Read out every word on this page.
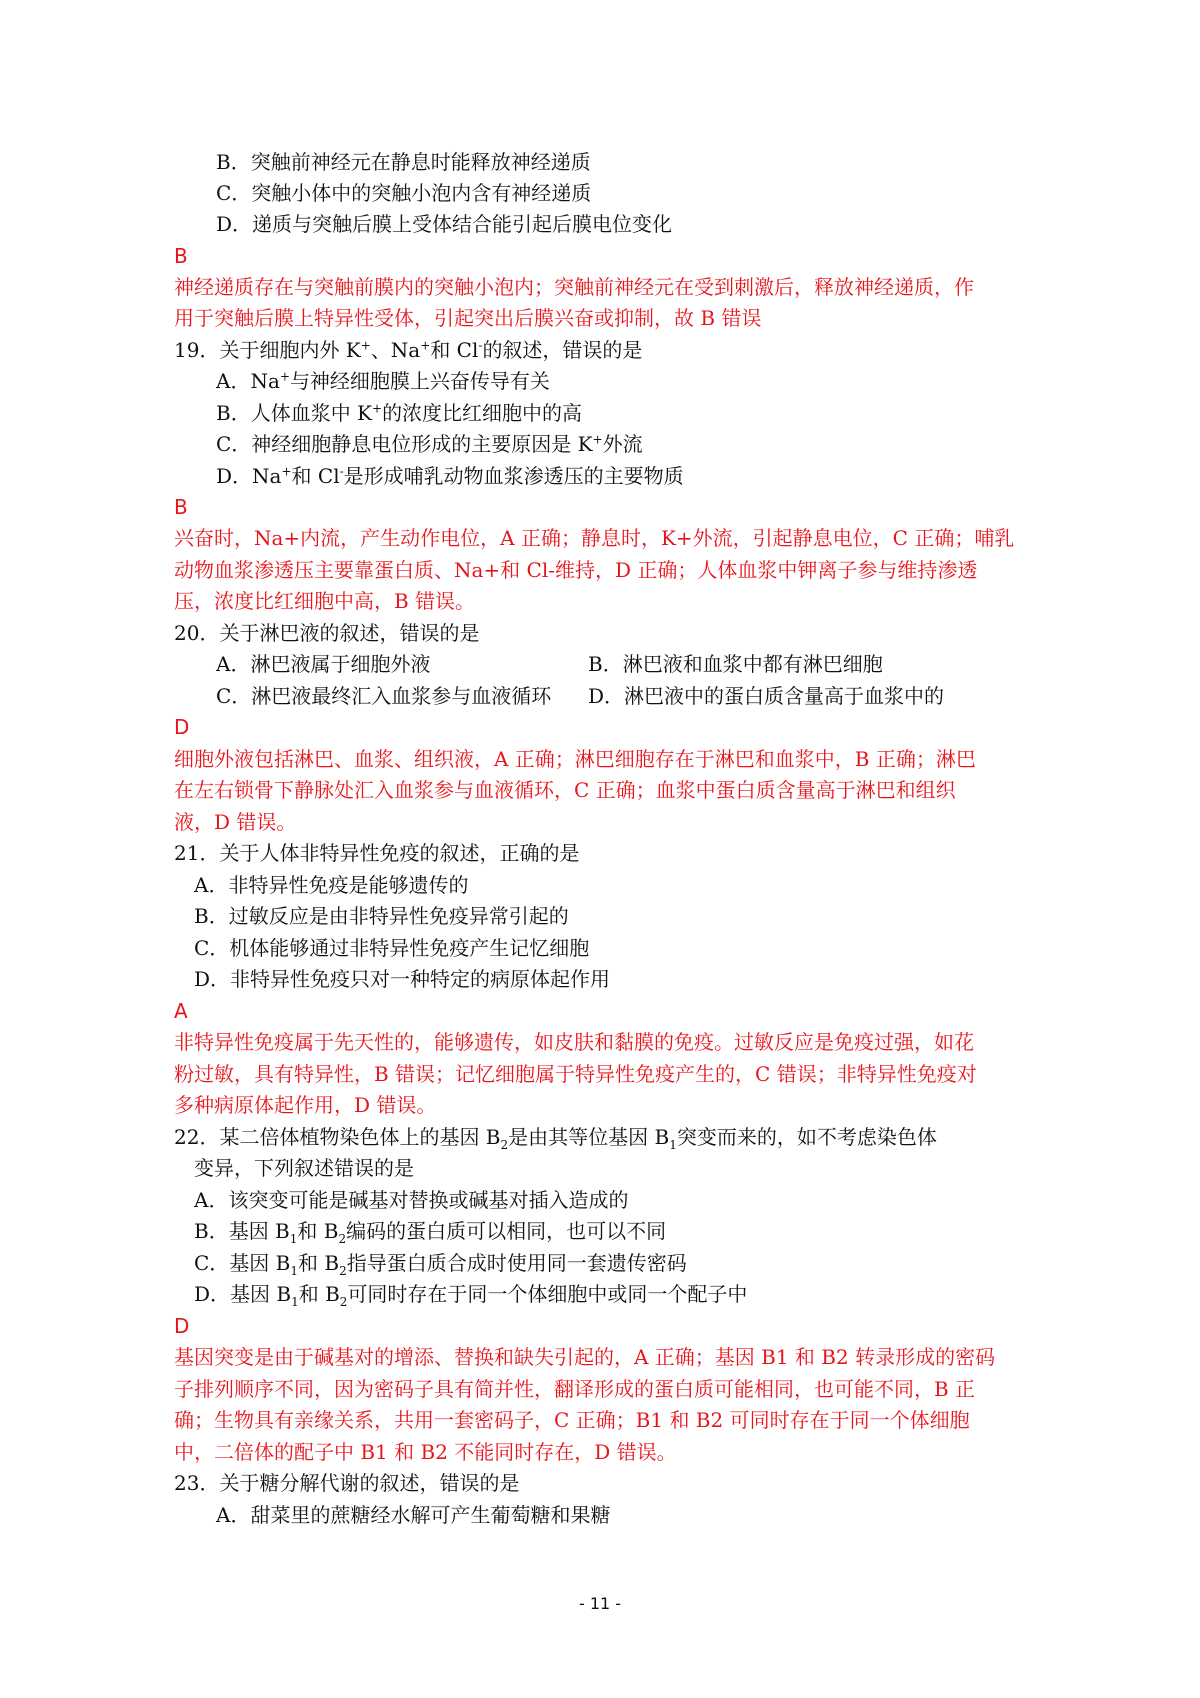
B．突触前神经元在静息时能释放神经递质
C．突触小体中的突触小泡内含有神经递质
D．递质与突触后膜上受体结合能引起后膜电位变化
B
神经递质存在与突触前膜内的突触小泡内；突触前神经元在受到刺激后，释放神经递质，作
用于突触后膜上特异性受体，引起突出后膜兴奋或抑制，故 B 错误
19．关于细胞内外 K+、Na+和 Cl-的叙述，错误的是
A．Na+与神经细胞膜上兴奋传导有关
B．人体血浆中 K+的浓度比红细胞中的高
C．神经细胞静息电位形成的主要原因是 K+外流
D．Na+和 Cl-是形成哺乳动物血浆渗透压的主要物质
B
兴奋时，Na+内流，产生动作电位，A 正确；静息时，K+外流，引起静息电位，C 正确；哺乳
动物血浆渗透压主要靠蛋白质、Na+和 Cl-维持，D 正确；人体血浆中钾离子参与维持渗透
压，浓度比红细胞中高，B 错误。
20．关于淋巴液的叙述，错误的是
A．淋巴液属于细胞外液	B．淋巴液和血浆中都有淋巴细胞
C．淋巴液最终汇入血浆参与血液循环 D．淋巴液中的蛋白质含量高于血浆中的
D
细胞外液包括淋巴、血浆、组织液，A 正确；淋巴细胞存在于淋巴和血浆中，B 正确；淋巴
在左右锁骨下静脉处汇入血浆参与血液循环，C 正确；血浆中蛋白质含量高于淋巴和组织
液，D 错误。
21．关于人体非特异性免疫的叙述，正确的是
A．非特异性免疫是能够遗传的
B．过敏反应是由非特异性免疫异常引起的
C．机体能够通过非特异性免疫产生记忆细胞
D．非特异性免疫只对一种特定的病原体起作用
A
非特异性免疫属于先天性的，能够遗传，如皮肤和黏膜的免疫。过敏反应是免疫过强，如花
粉过敏，具有特异性，B 错误；记忆细胞属于特异性免疫产生的，C 错误；非特异性免疫对
多种病原体起作用，D 错误。
22．某二倍体植物染色体上的基因 $B_2$是由其等位基因 $B_1$突变而来的，如不考虑染色体
变异，下列叙述错误的是
A．该突变可能是碱基对替换或碱基对插入造成的
B．基因 $B_1$和 $B_2$编码的蛋白质可以相同，也可以不同
C．基因 $B_1$和 $B_2$指导蛋白质合成时使用同一套遗传密码
D．基因 $B_1$和 $B_2$可同时存在于同一个体细胞中或同一个配子中
D
基因突变是由于碱基对的增添、替换和缺失引起的，A 正确；基因 B1 和 B2 转录形成的密码
子排列顺序不同，因为密码子具有简并性，翻译形成的蛋白质可能相同，也可能不同，B 正
确；生物具有亲缘关系，共用一套密码子，C 正确；B1 和 B2 可同时存在于同一个体细胞
中，二倍体的配子中 B1 和 B2 不能同时存在，D 错误。
23．关于糖分解代谢的叙述，错误的是
A．甜菜里的蔗糖经水解可产生葡萄糖和果糖
- 11 -
